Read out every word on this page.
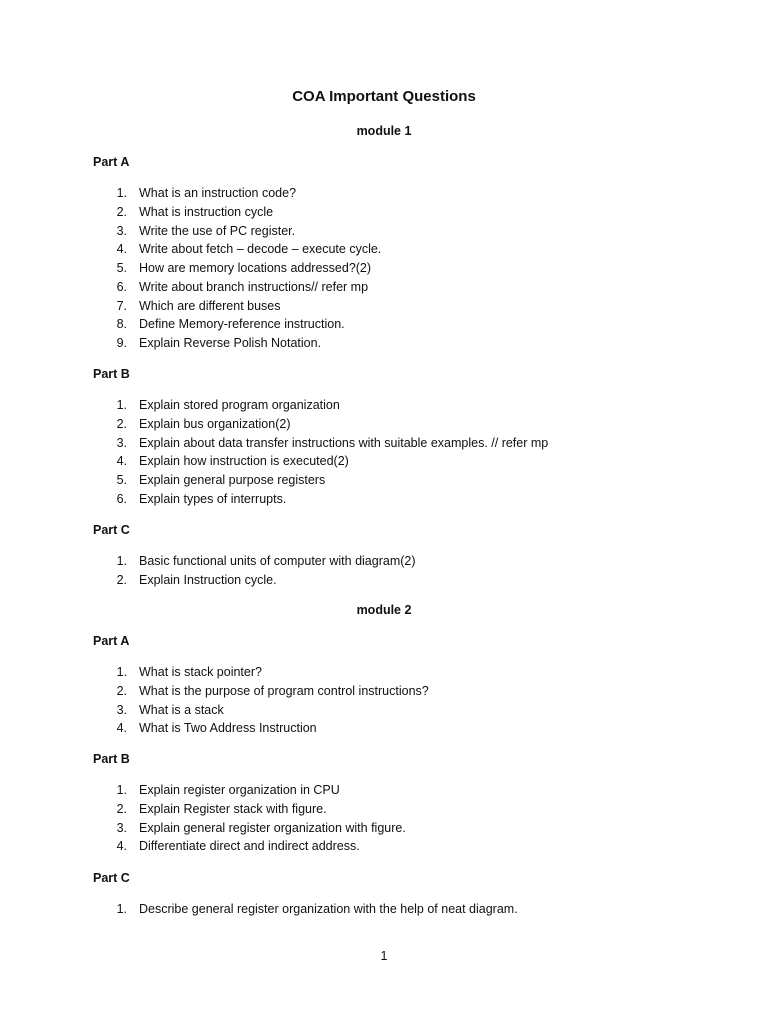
COA Important Questions
module 1
Part A
1. What is an instruction code?
2. What is instruction cycle
3. Write the use of PC register.
4. Write about fetch – decode – execute cycle.
5. How are memory locations addressed?(2)
6. Write about branch instructions// refer mp
7. Which are different buses
8. Define Memory-reference instruction.
9. Explain Reverse Polish Notation.
Part B
1. Explain stored program organization
2. Explain bus organization(2)
3. Explain about data transfer instructions with suitable examples. // refer mp
4. Explain how instruction is executed(2)
5. Explain general purpose registers
6. Explain types of interrupts.
Part C
1. Basic functional units of computer with diagram(2)
2. Explain Instruction cycle.
module 2
Part A
1. What is stack pointer?
2. What is the purpose of program control instructions?
3. What is a stack
4. What is Two Address Instruction
Part B
1. Explain register organization in CPU
2. Explain Register stack with figure.
3. Explain general register organization with figure.
4. Differentiate direct and indirect address.
Part C
1. Describe general register organization with the help of neat diagram.
1
